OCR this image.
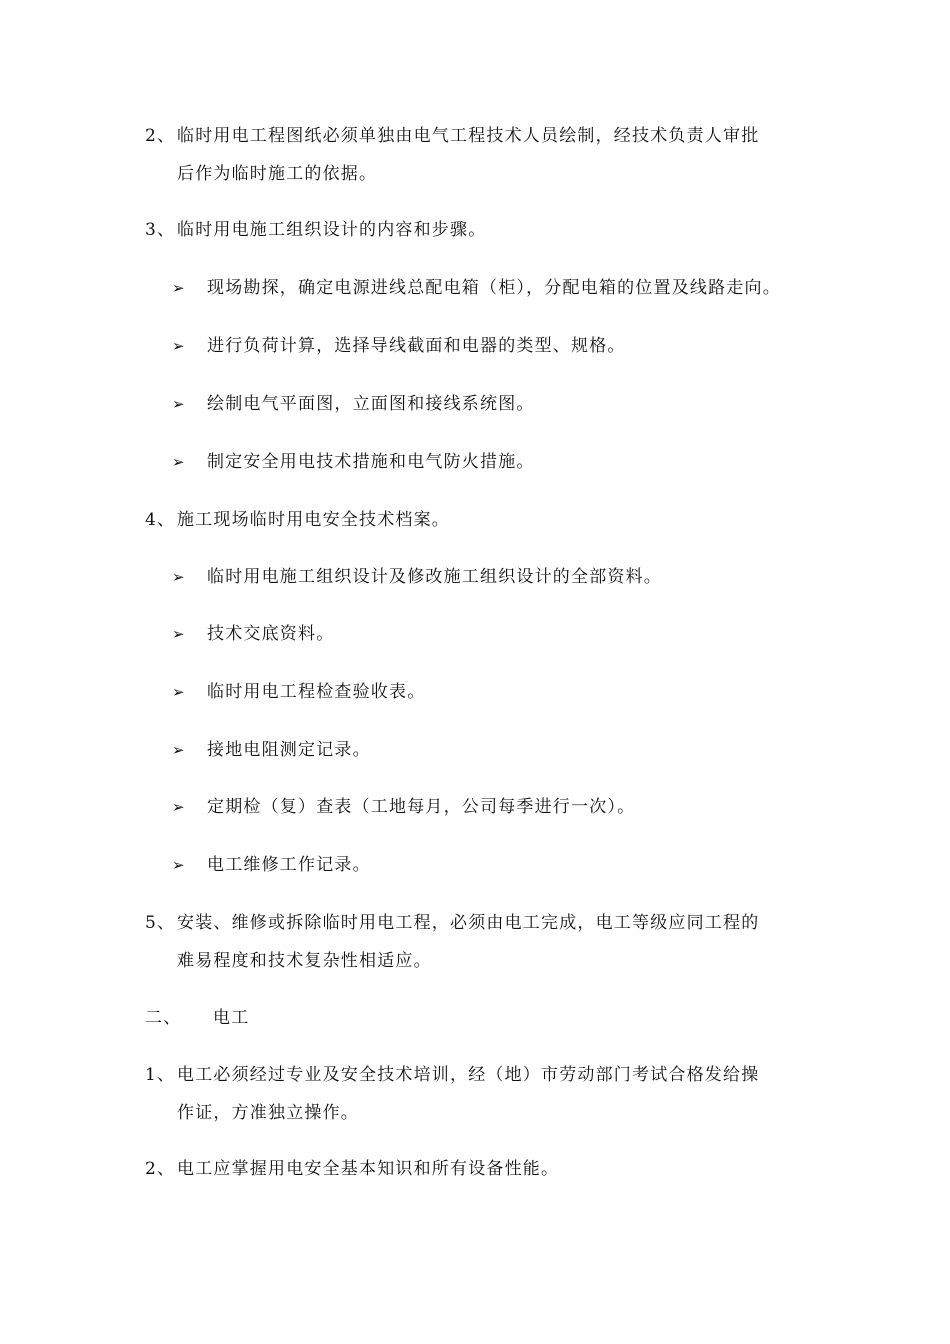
2、 临时用电工程图纸必须单独由电气工程技术人员绘制，经技术负责人审批
后作为临时施工的依据。
3、 临时用电施工组织设计的内容和步骤。
➢ 现场勘探，确定电源进线总配电箱（柜），分配电箱的位置及线路走向。
➢ 进行负荷计算，选择导线截面和电器的类型、规格。
➢ 绘制电气平面图，立面图和接线系统图。
➢ 制定安全用电技术措施和电气防火措施。
4、 施工现场临时用电安全技术档案。
➢ 临时用电施工组织设计及修改施工组织设计的全部资料。
➢ 技术交底资料。
➢ 临时用电工程检查验收表。
➢ 接地电阻测定记录。
➢ 定期检（复）查表（工地每月，公司每季进行一次）。
➢ 电工维修工作记录。
5、 安装、维修或拆除临时用电工程，必须由电工完成，电工等级应同工程的
难易程度和技术复杂性相适应。
二、 电工
1、 电工必须经过专业及安全技术培训，经（地）市劳动部门考试合格发给操
作证，方准独立操作。
2、 电工应掌握用电安全基本知识和所有设备性能。
